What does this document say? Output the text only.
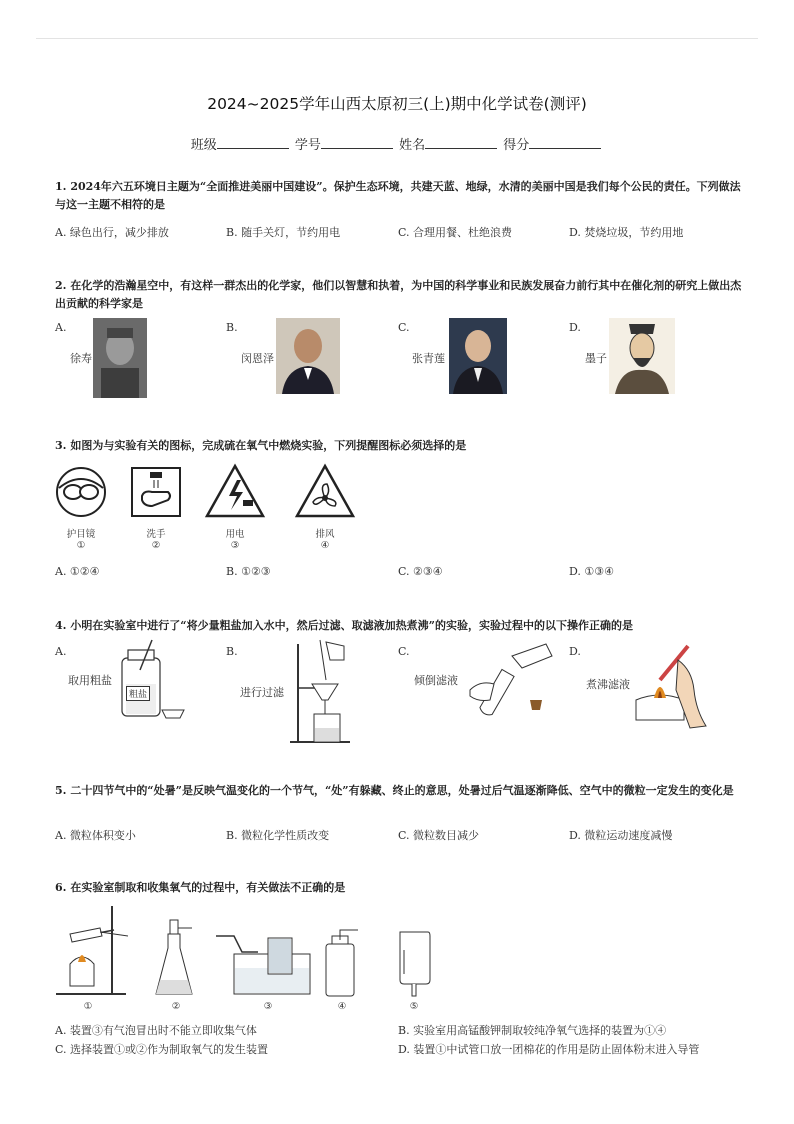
2024~2025学年山西太原初三(上)期中化学试卷(测评)
班级	学号	姓名	得分
1. 2024年六五环境日主题为“全面推进美丽中国建设”。保护生态环境，共建天蓝、地绿，水清的美丽中国是我们每个公民的责任。下列做法与这一主题不相符的是
A. 绿色出行，减少排放	B. 随手关灯，节约用电	C. 合理用餐、杜绝浪费	D. 焚烧垃圾，节约用地
2. 在化学的浩瀚星空中，有这样一群杰出的化学家，他们以智慧和执着，为中国的科学事业和民族发展奋力前行其中在催化剂的研究上做出杰出贡献的科学家是
A.
徐寿
B.
闵恩泽
C.
张青莲
D.
墨子
3. 如图为与实验有关的图标，完成硫在氧气中燃烧实验，下列提醒图标必须选择的是
护目镜
①
洗手
②
用电
③
排风
④
A. ①②④	B. ①②③	C. ②③④	D. ①③④
4. 小明在实验室中进行了“将少量粗盐加入水中，然后过滤、取滤液加热煮沸”的实验，实验过程中的以下操作正确的是
A.
取用粗盐
粗盐
B.
进行过滤
C.
倾倒滤液
D.
煮沸滤液
5. 二十四节气中的“处暑”是反映气温变化的一个节气，“处”有躲藏、终止的意思，处暑过后气温逐渐降低、空气中的微粒一定发生的变化是
A. 微粒体积变小	B. 微粒化学性质改变	C. 微粒数目减少	D. 微粒运动速度减慢
6. 在实验室制取和收集氧气的过程中，有关做法不正确的是
①	②	③	④	⑤
A. 装置③有气泡冒出时不能立即收集气体	B. 实验室用高锰酸钾制取较纯净氧气选择的装置为①④
C. 选择装置①或②作为制取氧气的发生装置	D. 装置①中试管口放一团棉花的作用是防止固体粉末进入导管
